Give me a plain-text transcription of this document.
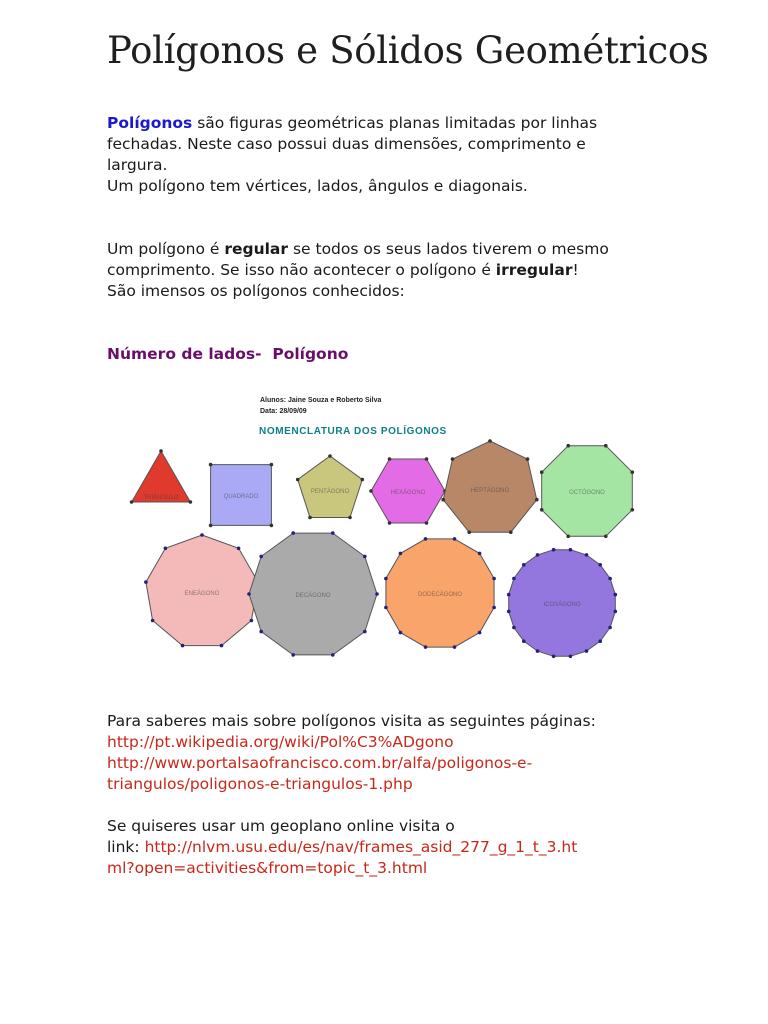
Polígonos e Sólidos Geométricos
Polígonos são figuras geométricas planas limitadas por linhas
fechadas. Neste caso possui duas dimensões, comprimento e
largura.
Um polígono tem vértices, lados, ângulos e diagonais.
Um polígono é regular se todos os seus lados tiverem o mesmo
comprimento. Se isso não acontecer o polígono é irregular!
São imensos os polígonos conhecidos:
Número de lados-  Polígono
Alunos: Jaine Souza e Roberto Silva
Data: 28/09/09
NOMENCLATURA DOS POLÍGONOS
TRIÂNGULO	QUADRADO
PENTÁGONO	HEXÁGONO	HEPTÁGONO	OCTÓGONO
ENEÁGONO	DECÁGONO	DODECÁGONO
ICOSÁGONO
Para saberes mais sobre polígonos visita as seguintes páginas:
http://pt.wikipedia.org/wiki/Pol%C3%ADgono
http://www.portalsaofrancisco.com.br/alfa/poligonos-e-
triangulos/poligonos-e-triangulos-1.php
Se quiseres usar um geoplano online visita o
link: http://nlvm.usu.edu/es/nav/frames_asid_277_g_1_t_3.ht
ml?open=activities&from=topic_t_3.html
